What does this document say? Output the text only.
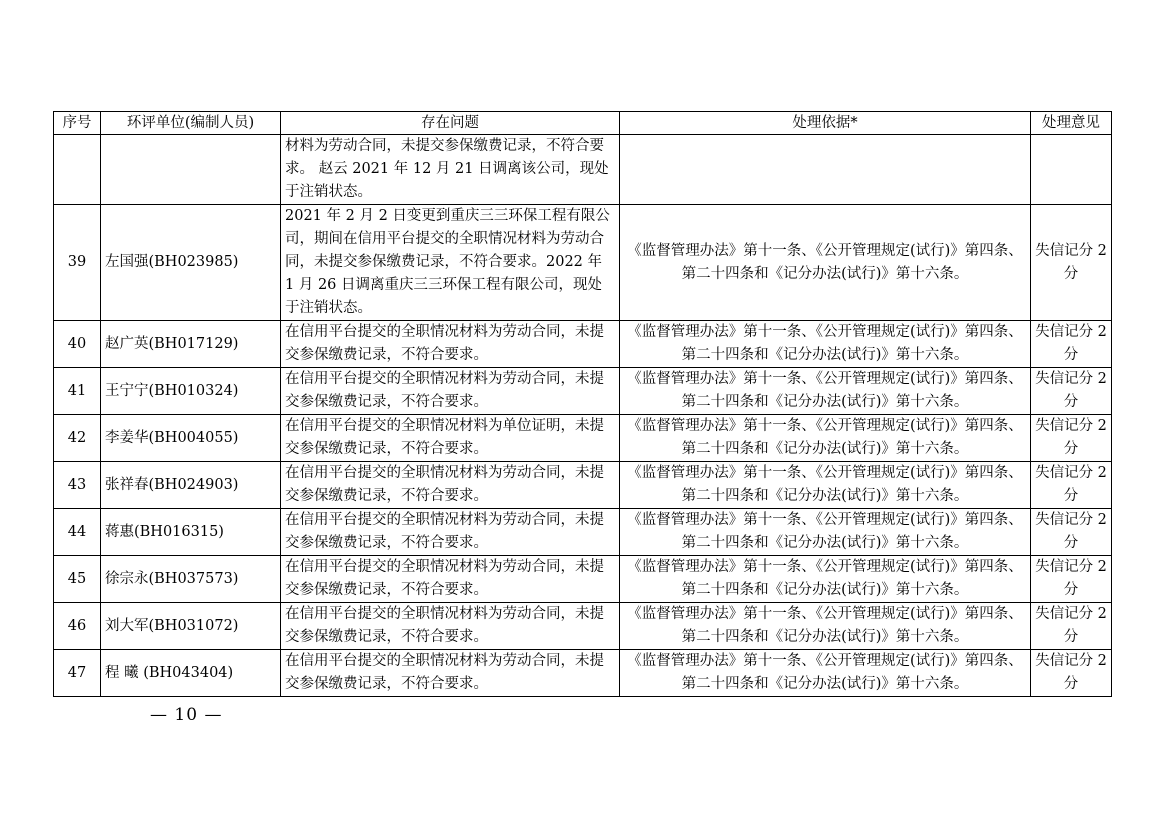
序号	环评单位(编制人员)	存在问题	处理依据*	处理意见
		材料为劳动合同，未提交参保缴费记录，不符合要求。 赵云 2021 年 12 月 21 日调离该公司，现处于注销状态。		
39	左国强(BH023985)	2021 年 2 月 2 日变更到重庆三三环保工程有限公司，期间在信用平台提交的全职情况材料为劳动合同，未提交参保缴费记录，不符合要求。2022 年 1 月 26 日调离重庆三三环保工程有限公司，现处于注销状态。	《监督管理办法》第十一条、《公开管理规定(试行)》第四条、第二十四条和《记分办法(试行)》第十六条。	失信记分 2 分
40	赵广英(BH017129)	在信用平台提交的全职情况材料为劳动合同，未提交参保缴费记录，不符合要求。	《监督管理办法》第十一条、《公开管理规定(试行)》第四条、第二十四条和《记分办法(试行)》第十六条。	失信记分 2 分
41	王宁宁(BH010324)	在信用平台提交的全职情况材料为劳动合同，未提交参保缴费记录，不符合要求。	《监督管理办法》第十一条、《公开管理规定(试行)》第四条、第二十四条和《记分办法(试行)》第十六条。	失信记分 2 分
42	李姜华(BH004055)	在信用平台提交的全职情况材料为单位证明，未提交参保缴费记录，不符合要求。	《监督管理办法》第十一条、《公开管理规定(试行)》第四条、第二十四条和《记分办法(试行)》第十六条。	失信记分 2 分
43	张祥春(BH024903)	在信用平台提交的全职情况材料为劳动合同，未提交参保缴费记录，不符合要求。	《监督管理办法》第十一条、《公开管理规定(试行)》第四条、第二十四条和《记分办法(试行)》第十六条。	失信记分 2 分
44	蒋惠(BH016315)	在信用平台提交的全职情况材料为劳动合同，未提交参保缴费记录，不符合要求。	《监督管理办法》第十一条、《公开管理规定(试行)》第四条、第二十四条和《记分办法(试行)》第十六条。	失信记分 2 分
45	徐宗永(BH037573)	在信用平台提交的全职情况材料为劳动合同，未提交参保缴费记录，不符合要求。	《监督管理办法》第十一条、《公开管理规定(试行)》第四条、第二十四条和《记分办法(试行)》第十六条。	失信记分 2 分
46	刘大军(BH031072)	在信用平台提交的全职情况材料为劳动合同，未提交参保缴费记录，不符合要求。	《监督管理办法》第十一条、《公开管理规定(试行)》第四条、第二十四条和《记分办法(试行)》第十六条。	失信记分 2 分
47	程 曦 (BH043404)	在信用平台提交的全职情况材料为劳动合同，未提交参保缴费记录，不符合要求。	《监督管理办法》第十一条、《公开管理规定(试行)》第四条、第二十四条和《记分办法(试行)》第十六条。	失信记分 2 分
— 10 —
